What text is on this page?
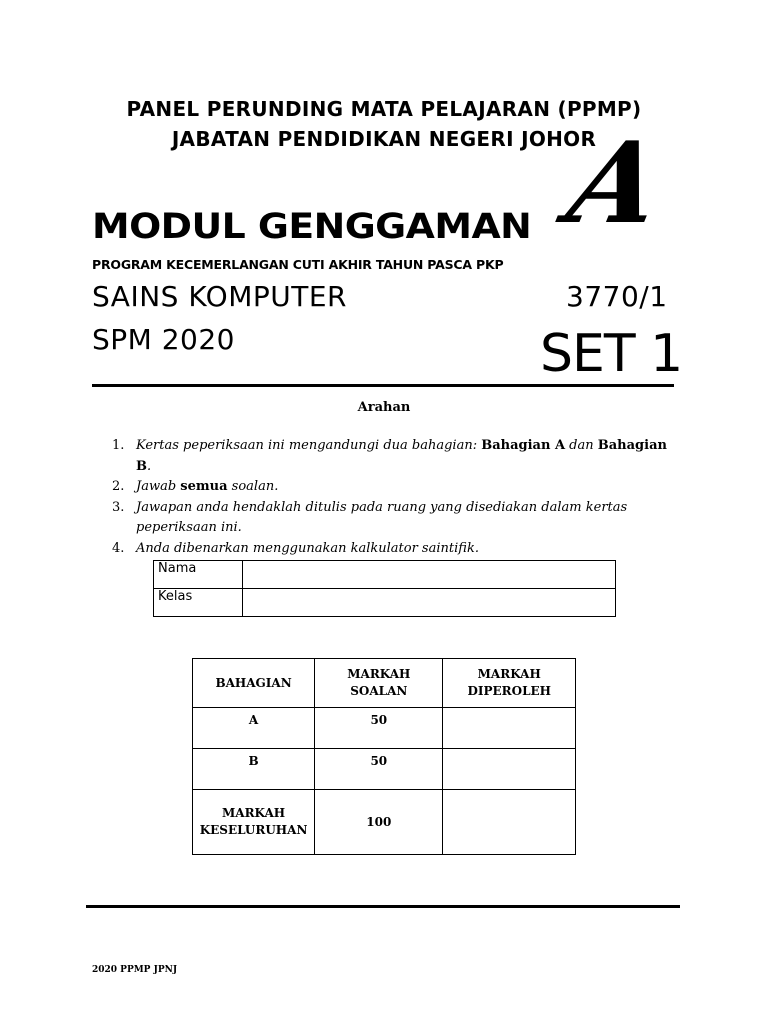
PANEL PERUNDING MATA PELAJARAN (PPMP)
JABATAN PENDIDIKAN NEGERI JOHOR
MODUL GENGGAMAN A
PROGRAM KECEMERLANGAN CUTI AKHIR TAHUN PASCA PKP
SAINS KOMPUTER	3770/1
SPM 2020	SET 1
Arahan
1. Kertas peperiksaan ini mengandungi dua bahagian: Bahagian A dan Bahagian B.
2. Jawab semua soalan.
3. Jawapan anda hendaklah ditulis pada ruang yang disediakan dalam kertas peperiksaan ini.
4. Anda dibenarkan menggunakan kalkulator saintifik.
Nama	
Kelas	
BAHAGIAN	MARKAH SOALAN	MARKAH DIPEROLEH
A	50	
B	50	
MARKAH KESELURUHAN	100	
2020 PPMP JPNJ
